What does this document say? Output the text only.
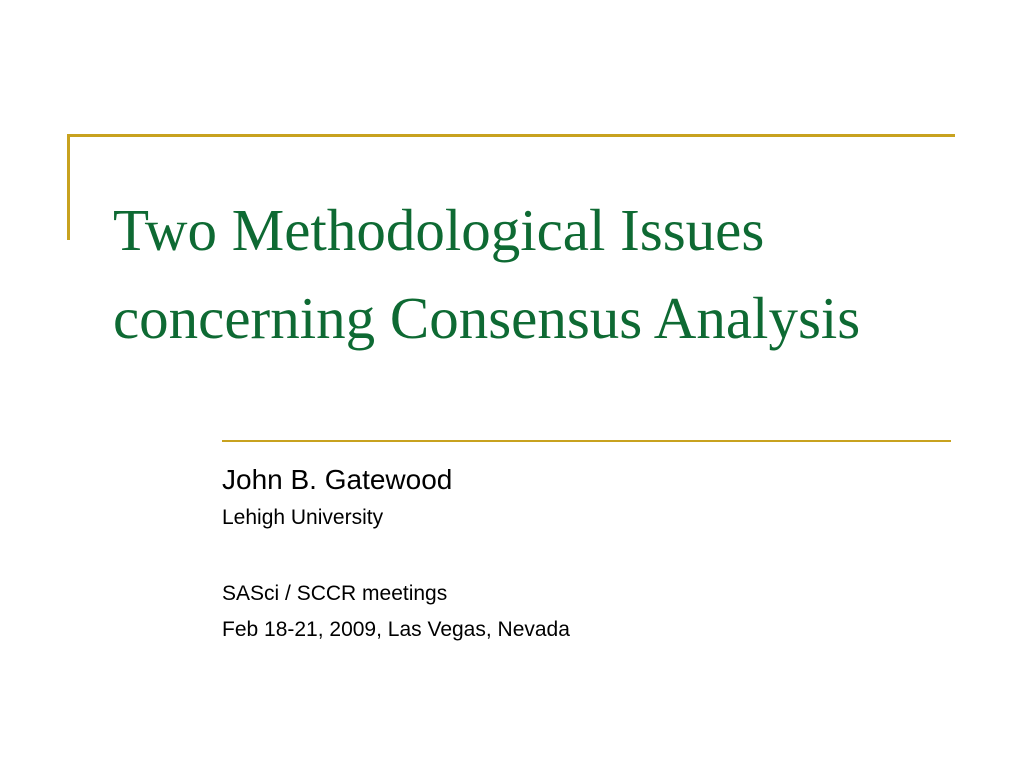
Two Methodological Issues
concerning Consensus Analysis

John B. Gatewood

Lehigh University

SASci / SCCR meetings

Feb 18-21, 2009, Las Vegas, Nevada
